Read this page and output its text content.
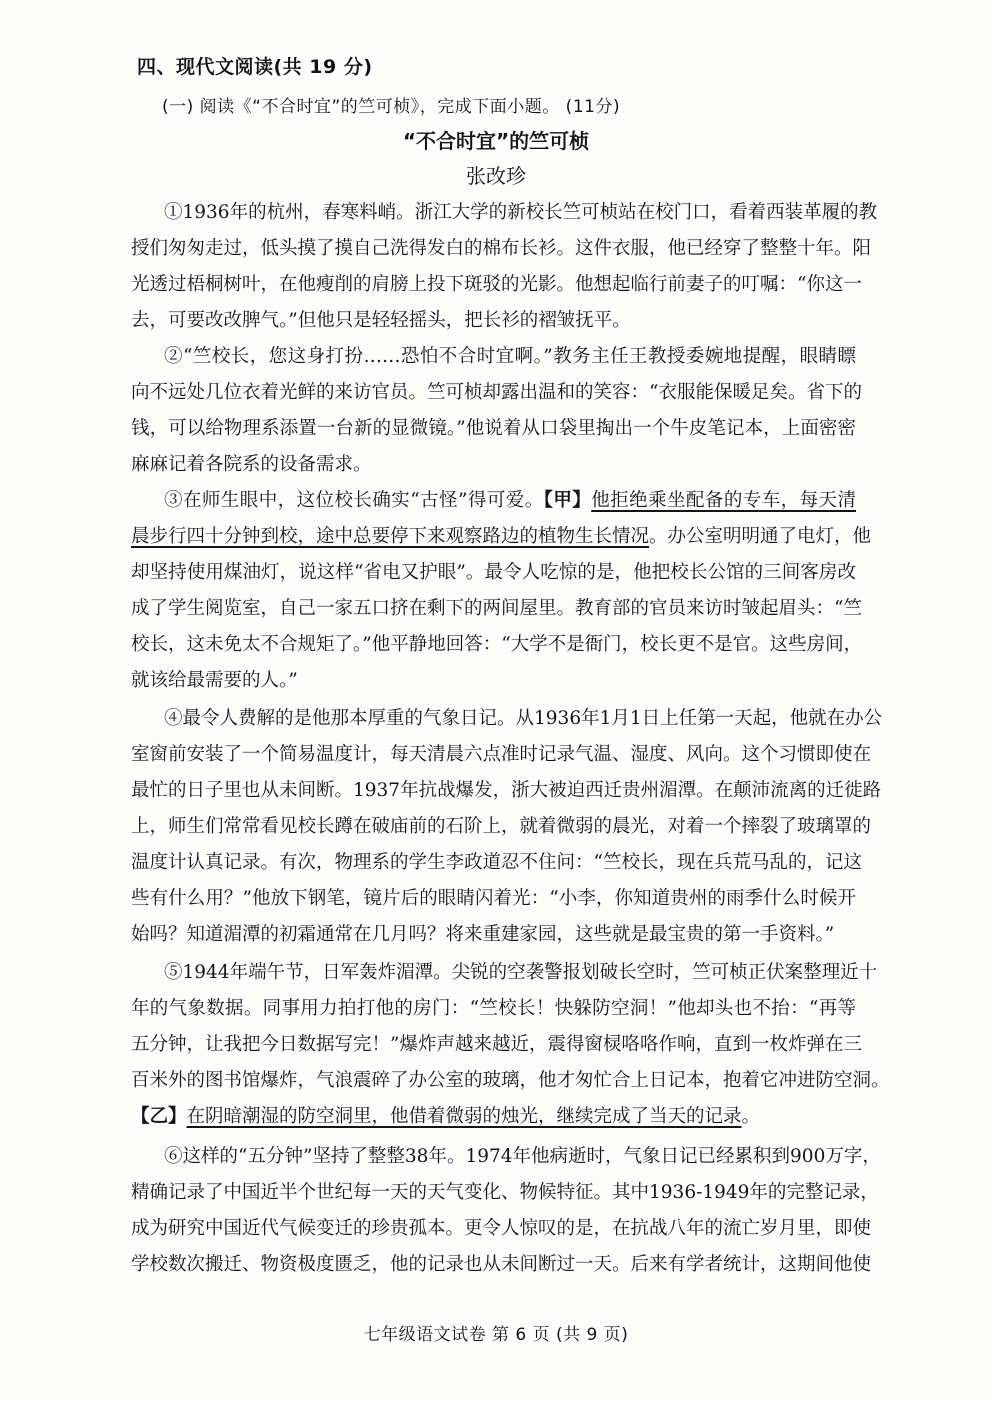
四、现代文阅读(共 19 分)
(一) 阅读《“不合时宜”的竺可桢》，完成下面小题。 (11分)
“不合时宜”的竺可桢
张改珍
①1936年的杭州，春寒料峭。浙江大学的新校长竺可桢站在校门口，看着西装革履的教
授们匆匆走过，低头摸了摸自己洗得发白的棉布长衫。这件衣服，他已经穿了整整十年。阳
光透过梧桐树叶，在他瘦削的肩膀上投下斑驳的光影。他想起临行前妻子的叮嘱：“你这一
去，可要改改脾气。”但他只是轻轻摇头，把长衫的褶皱抚平。
②“竺校长，您这身打扮……恐怕不合时宜啊。”教务主任王教授委婉地提醒，眼睛瞟
向不远处几位衣着光鲜的来访官员。竺可桢却露出温和的笑容：“衣服能保暖足矣。省下的
钱，可以给物理系添置一台新的显微镜。”他说着从口袋里掏出一个牛皮笔记本，上面密密
麻麻记着各院系的设备需求。
③在师生眼中，这位校长确实“古怪”得可爱。【甲】他拒绝乘坐配备的专车，每天清
晨步行四十分钟到校，途中总要停下来观察路边的植物生长情况。办公室明明通了电灯，他
却坚持使用煤油灯，说这样“省电又护眼”。最令人吃惊的是，他把校长公馆的三间客房改
成了学生阅览室，自己一家五口挤在剩下的两间屋里。教育部的官员来访时皱起眉头：“竺
校长，这未免太不合规矩了。”他平静地回答：“大学不是衙门，校长更不是官。这些房间，
就该给最需要的人。”
④最令人费解的是他那本厚重的气象日记。从1936年1月1日上任第一天起，他就在办公
室窗前安装了一个简易温度计，每天清晨六点准时记录气温、湿度、风向。这个习惯即使在
最忙的日子里也从未间断。1937年抗战爆发，浙大被迫西迁贵州湄潭。在颠沛流离的迁徙路
上，师生们常常看见校长蹲在破庙前的石阶上，就着微弱的晨光，对着一个摔裂了玻璃罩的
温度计认真记录。有次，物理系的学生李政道忍不住问：“竺校长，现在兵荒马乱的，记这
些有什么用？”他放下钢笔，镜片后的眼睛闪着光：“小李，你知道贵州的雨季什么时候开
始吗？知道湄潭的初霜通常在几月吗？将来重建家园，这些就是最宝贵的第一手资料。”
⑤1944年端午节，日军轰炸湄潭。尖锐的空袭警报划破长空时，竺可桢正伏案整理近十
年的气象数据。同事用力拍打他的房门：“竺校长！快躲防空洞！”他却头也不抬：“再等
五分钟，让我把今日数据写完！”爆炸声越来越近，震得窗棂咯咯作响，直到一枚炸弹在三
百米外的图书馆爆炸，气浪震碎了办公室的玻璃，他才匆忙合上日记本，抱着它冲进防空洞。
【乙】在阴暗潮湿的防空洞里，他借着微弱的烛光，继续完成了当天的记录。
⑥这样的“五分钟”坚持了整整38年。1974年他病逝时，气象日记已经累积到900万字，
精确记录了中国近半个世纪每一天的天气变化、物候特征。其中1936-1949年的完整记录，
成为研究中国近代气候变迁的珍贵孤本。更令人惊叹的是，在抗战八年的流亡岁月里，即使
学校数次搬迁、物资极度匮乏，他的记录也从未间断过一天。后来有学者统计，这期间他使
七年级语文试卷 第 6 页 (共 9 页)
